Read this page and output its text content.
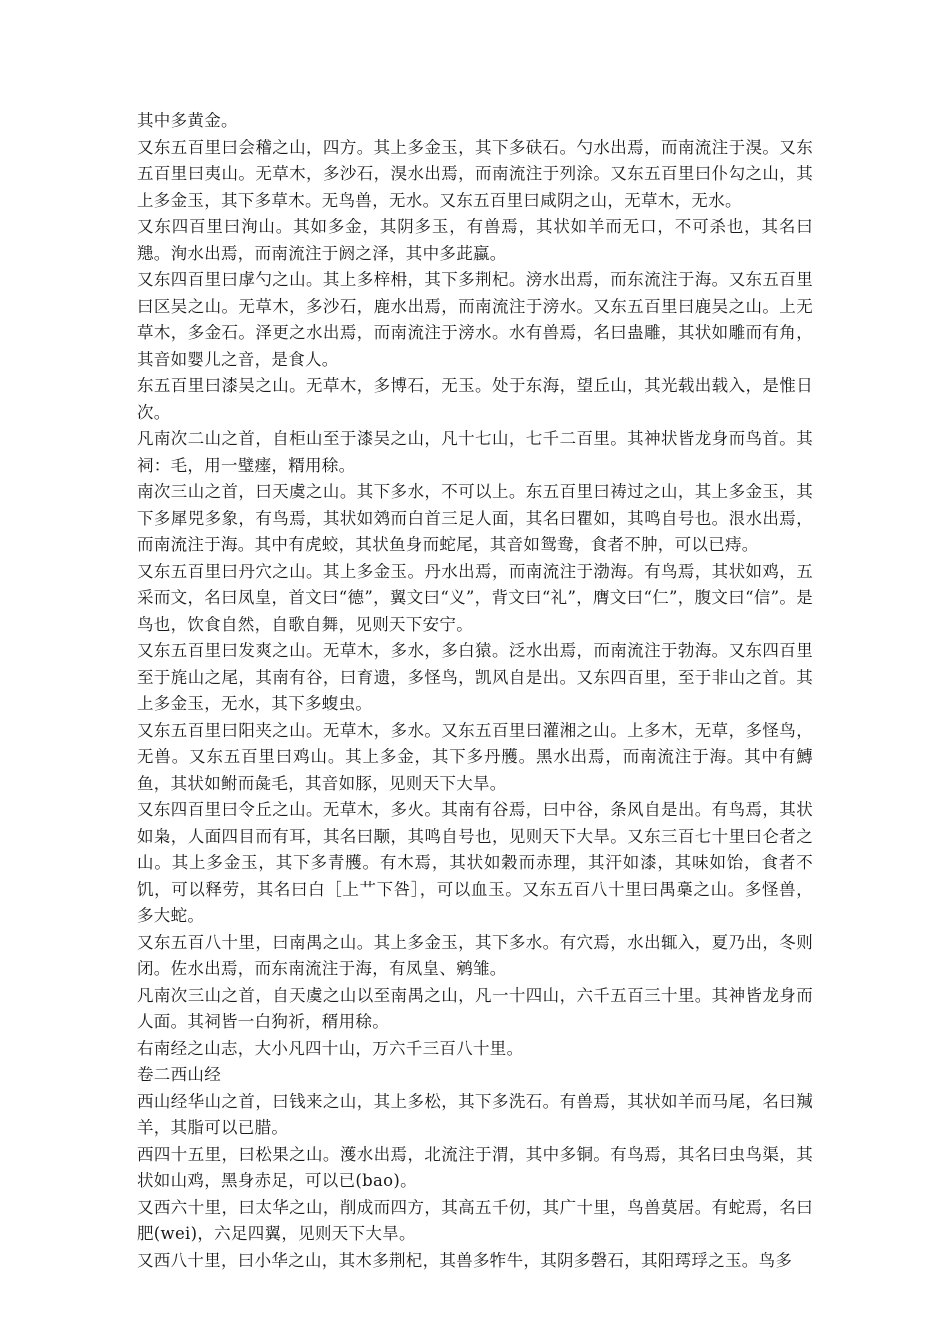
其中多黄金。

又东五百里曰会稽之山，四方。其上多金玉，其下多砆石。勺水出焉，而南流注于湨。又东五百里曰夷山。无草木，多沙石，湨水出焉，而南流注于列涂。又东五百里曰仆勾之山，其上多金玉，其下多草木。无鸟兽，无水。又东五百里曰咸阴之山，无草木，无水。

又东四百里曰洵山。其如多金，其阴多玉，有兽焉，其状如羊而无口，不可杀也，其名曰䍺。洵水出焉，而南流注于阏之泽，其中多茈蠃。

又东四百里曰虖勺之山。其上多梓枏，其下多荆杞。滂水出焉，而东流注于海。又东五百里曰区吴之山。无草木，多沙石，鹿水出焉，而南流注于滂水。又东五百里曰鹿吴之山。上无草木，多金石。泽更之水出焉，而南流注于滂水。水有兽焉，名曰蛊雕，其状如雕而有角，其音如婴儿之音，是食人。

东五百里曰漆吴之山。无草木，多博石，无玉。处于东海，望丘山，其光载出载入，是惟日次。

凡南次二山之首，自柜山至于漆吴之山，凡十七山，七千二百里。其神状皆龙身而鸟首。其祠：毛，用一璧瘗，糈用稌。

南次三山之首，曰天虞之山。其下多水，不可以上。东五百里曰祷过之山，其上多金玉，其下多犀兕多象，有鸟焉，其状如䴔而白首三足人面，其名曰瞿如，其鸣自号也。泿水出焉，而南流注于海。其中有虎蛟，其状鱼身而蛇尾，其音如鸳鸯，食者不肿，可以已痔。

又东五百里曰丹穴之山。其上多金玉。丹水出焉，而南流注于渤海。有鸟焉，其状如鸡，五采而文，名曰凤皇，首文曰“德”，翼文曰“义”，背文曰“礼”，膺文曰“仁”，腹文曰“信”。是鸟也，饮食自然，自歌自舞，见则天下安宁。

又东五百里曰发爽之山。无草木，多水，多白猿。泛水出焉，而南流注于勃海。又东四百里至于旄山之尾，其南有谷，曰育遗，多怪鸟，凯风自是出。又东四百里，至于非山之首。其上多金玉，无水，其下多蝮虫。

又东五百里曰阳夹之山。无草木，多水。又东五百里曰灌湘之山。上多木，无草，多怪鸟，无兽。又东五百里曰鸡山。其上多金，其下多丹雘。黑水出焉，而南流注于海。其中有鱄鱼，其状如鲋而彘毛，其音如豚，见则天下大旱。

又东四百里曰令丘之山。无草木，多火。其南有谷焉，曰中谷，条风自是出。有鸟焉，其状如枭，人面四目而有耳，其名曰颙，其鸣自号也，见则天下大旱。又东三百七十里曰仑者之山。其上多金玉，其下多青雘。有木焉，其状如穀而赤理，其汗如漆，其味如饴，食者不饥，可以释劳，其名曰白［上艹下咎］，可以血玉。又东五百八十里曰禺槀之山。多怪兽，多大蛇。

又东五百八十里，曰南禺之山。其上多金玉，其下多水。有穴焉，水出辄入，夏乃出，冬则闭。佐水出焉，而东南流注于海，有凤皇、鹓雏。

凡南次三山之首，自天虞之山以至南禺之山，凡一十四山，六千五百三十里。其神皆龙身而人面。其祠皆一白狗祈，稰用稌。

右南经之山志，大小凡四十山，万六千三百八十里。

卷二西山经

西山经华山之首，曰钱来之山，其上多松，其下多洗石。有兽焉，其状如羊而马尾，名曰羬羊，其脂可以已腊。

西四十五里，曰松果之山。濩水出焉，北流注于渭，其中多铜。有鸟焉，其名曰虫鸟渠，其状如山鸡，黑身赤足，可以已(bao)。

又西六十里，曰太华之山，削成而四方，其高五千仞，其广十里，鸟兽莫居。有蛇焉，名曰肥(wei)，六足四翼，见则天下大旱。

又西八十里，曰小华之山，其木多荆杞，其兽多㸲牛，其阴多磬石，其阳㻬琈之玉。鸟多
